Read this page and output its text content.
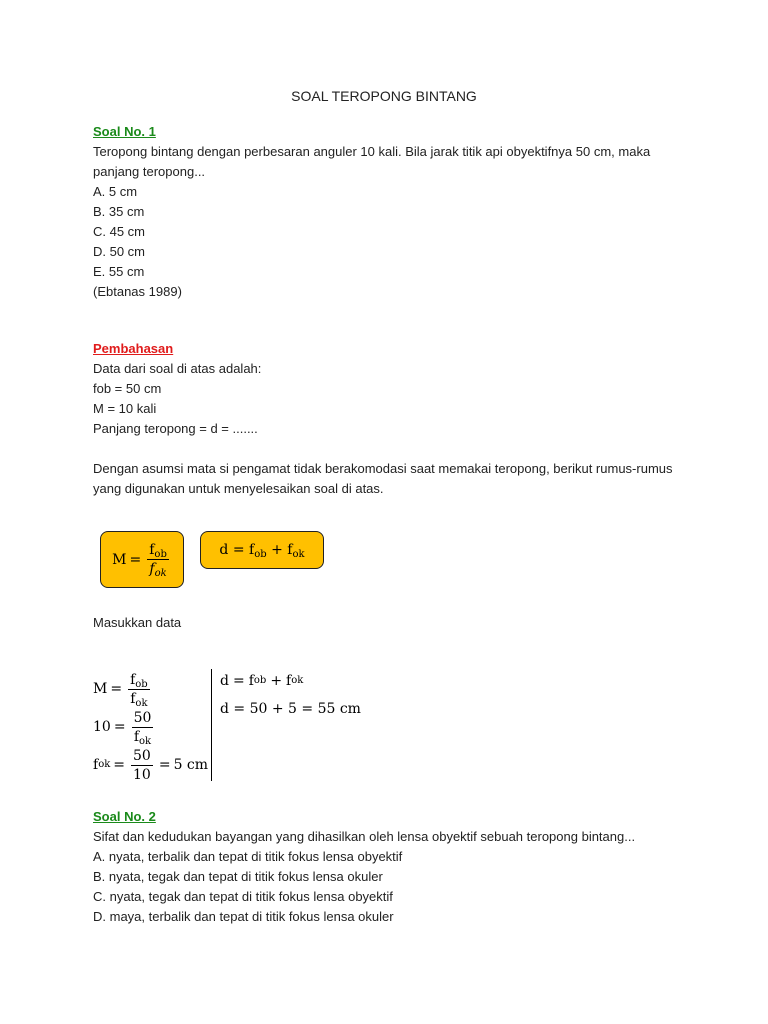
SOAL TEROPONG BINTANG
Soal No. 1
Teropong bintang dengan perbesaran anguler 10 kali. Bila jarak titik api obyektifnya 50 cm, maka
panjang teropong...
A. 5 cm
B. 35 cm
C. 45 cm
D. 50 cm
E. 55 cm
(Ebtanas 1989)
Pembahasan
Data dari soal di atas adalah:
fob = 50 cm
M = 10 kali
Panjang teropong = d = .......
Dengan asumsi mata si pengamat tidak berakomodasi saat memakai teropong, berikut rumus-rumus
yang digunakan untuk menyelesaikan soal di atas.
$M = \frac{f_{ob}}{f_{ok}}$	$d = f_{ob} + f_{ok}$
Masukkan data
$M = \frac{f_{ob}}{f_{ok}}$
$10 = \frac{50}{f_{ok}}$
f ok = $\frac{50}{10} = 5$ cm
d = f ob + f ok
d = 50 + 5 = 55 cm
Soal No. 2
Sifat dan kedudukan bayangan yang dihasilkan oleh lensa obyektif sebuah teropong bintang...
A. nyata, terbalik dan tepat di titik fokus lensa obyektif
B. nyata, tegak dan tepat di titik fokus lensa okuler
C. nyata, tegak dan tepat di titik fokus lensa obyektif
D. maya, terbalik dan tepat di titik fokus lensa okuler
